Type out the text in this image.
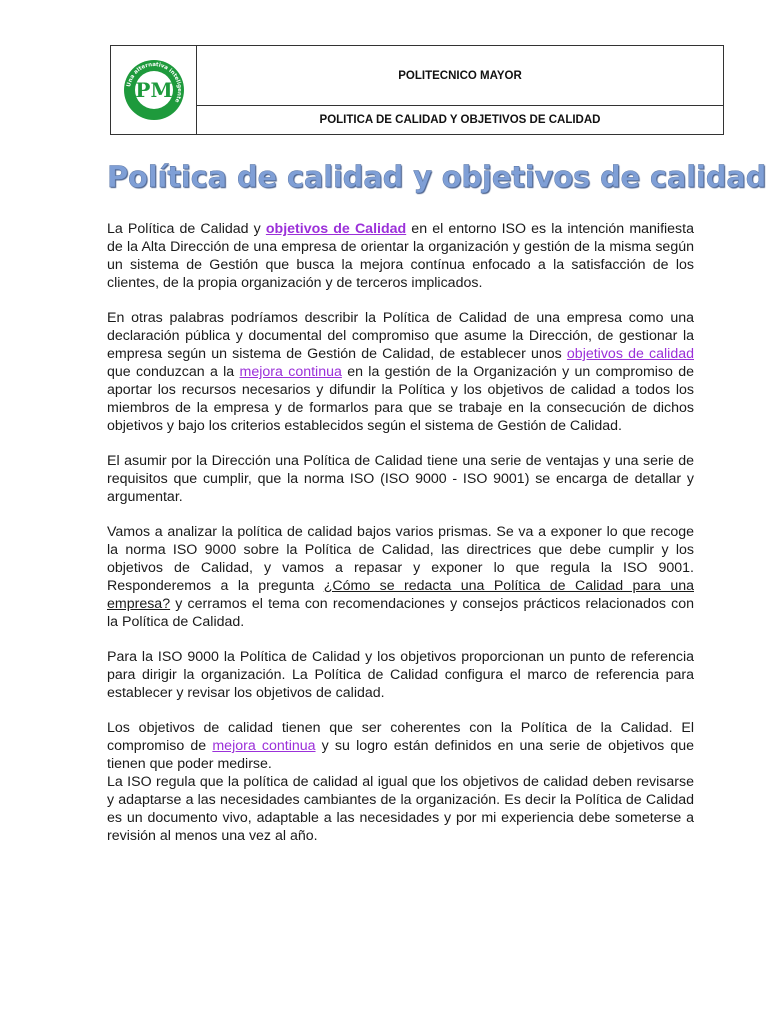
Una alternativa inteligente
PM
POLITECNICO MAYOR
POLITICA DE CALIDAD Y OBJETIVOS DE CALIDAD
Política de calidad y objetivos de calidad

La Política de Calidad y objetivos de Calidad en el entorno ISO es la intención manifiesta de la Alta Dirección de una empresa de orientar la organización y gestión de la misma según un sistema de Gestión que busca la mejora contínua enfocado a la satisfacción de los clientes, de la propia organización y de terceros implicados.

En otras palabras podríamos describir la Política de Calidad de una empresa como una declaración pública y documental del compromiso que asume la Dirección, de gestionar la empresa según un sistema de Gestión de Calidad, de establecer unos objetivos de calidad que conduzcan a la mejora continua en la gestión de la Organización y un compromiso de aportar los recursos necesarios y difundir la Política y los objetivos de calidad a todos los miembros de la empresa y de formarlos para que se trabaje en la consecución de dichos objetivos y bajo los criterios establecidos según el sistema de Gestión de Calidad.

El asumir por la Dirección una Política de Calidad tiene una serie de ventajas y una serie de requisitos que cumplir, que la norma ISO (ISO 9000 - ISO 9001) se encarga de detallar y argumentar.

Vamos a analizar la política de calidad bajos varios prismas. Se va a exponer lo que recoge la norma ISO 9000 sobre la Política de Calidad, las directrices que debe cumplir y los objetivos de Calidad, y vamos a repasar y exponer lo que regula la ISO 9001. Responderemos a la pregunta ¿Cómo se redacta una Política de Calidad para una empresa? y cerramos el tema con recomendaciones y consejos prácticos relacionados con la Política de Calidad.

Para la ISO 9000 la Política de Calidad y los objetivos proporcionan un punto de referencia para dirigir la organización. La Política de Calidad configura el marco de referencia para establecer y revisar los objetivos de calidad.

Los objetivos de calidad tienen que ser coherentes con la Política de la Calidad. El compromiso de mejora continua y su logro están definidos en una serie de objetivos que tienen que poder medirse.

La ISO regula que la política de calidad al igual que los objetivos de calidad deben revisarse y adaptarse a las necesidades cambiantes de la organización. Es decir la Política de Calidad es un documento vivo, adaptable a las necesidades y por mi experiencia debe someterse a revisión al menos una vez al año.
